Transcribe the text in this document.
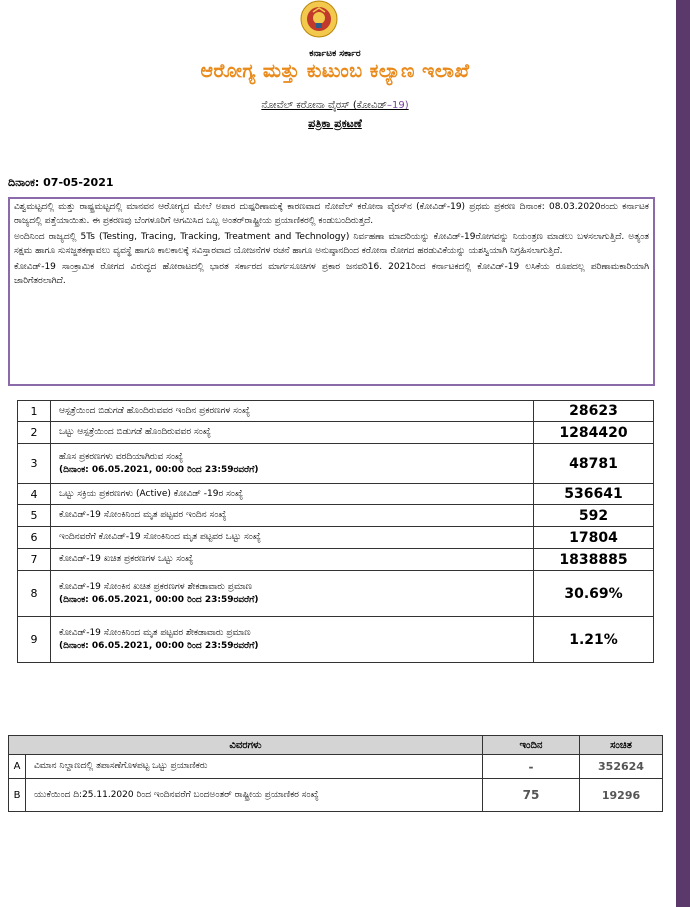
ಕರ್ನಾಟಕ ಸರ್ಕಾರ
ಆರೋಗ್ಯ ಮತ್ತು ಕುಟುಂಬ ಕಲ್ಯಾಣ ಇಲಾಖೆ
ನೋವೆಲ್ ಕರೋನಾ ವೈರಸ್ (ಕೋವಿಡ್–19)
ಪತ್ರಿಕಾ ಪ್ರಕಟಣೆ
ದಿನಾಂಕ: 07-05-2021

ವಿಶ್ವಮಟ್ಟದಲ್ಲಿ ಮತ್ತು ರಾಷ್ಟ್ರಮಟ್ಟದಲ್ಲಿ ಮಾನವನ ಆರೋಗ್ಯದ ಮೇಲೆ ಅಪಾರ ದುಷ್ಪರಿಣಾಮಕ್ಕೆ ಕಾರಣವಾದ ನೋವೆಲ್ ಕರೋನಾ ವೈರಸ್‌ನ (ಕೋವಿಡ್-19) ಪ್ರಥಮ ಪ್ರಕರಣ ದಿನಾಂಕ: 08.03.2020ರಂದು ಕರ್ನಾಟಕ ರಾಜ್ಯದಲ್ಲಿ ಪತ್ತೆಯಾಯಿತು. ಈ ಪ್ರಕರಣವು ಬೆಂಗಳೂರಿಗೆ ಆಗಮಿಸಿದ ಒಬ್ಬ ಅಂತರ್‌ರಾಷ್ಟ್ರೀಯ ಪ್ರಯಾಣಿಕರಲ್ಲಿ ಕಂಡುಬಂದಿರುತ್ತದೆ.

ಅಂದಿನಿಂದ ರಾಜ್ಯದಲ್ಲಿ 5Ts (Testing, Tracing, Tracking, Treatment and Technology) ನಿರ್ವಹಣಾ ಮಾದರಿಯನ್ನು ಕೋವಿಡ್-19ರೋಗವನ್ನು ನಿಯಂತ್ರಣ ಮಾಡಲು ಬಳಸಲಾಗುತ್ತಿದೆ. ಅತ್ಯಂತ ಸಕ್ಷಮ ಹಾಗೂ ಸುಸಜ್ಜತಕಣ್ಗಾವಲು ವ್ಯವಸ್ಥೆ ಹಾಗೂ ಕಾಲಕಾಲಕ್ಕೆ ಸವಿಸ್ತಾರವಾದ ಯೋಜನೆಗಳ ರಚನೆ ಹಾಗೂ ಅನುಷ್ಠಾನದಿಂದ ಕರೋನಾ ರೋಗದ ಹರಡುವಿಕೆಯನ್ನು ಯಶಸ್ವಿಯಾಗಿ ನಿಗ್ರಹಿಸಲಾಗುತ್ತಿದೆ.

ಕೋವಿಡ್-19 ಸಾಂಕ್ರಾಮಿಕ ರೋಗದ ವಿರುದ್ಧದ ಹೋರಾಟದಲ್ಲಿ ಭಾರತ ಸರ್ಕಾರದ ಮಾರ್ಗಸೂಚಿಗಳ ಪ್ರಕಾರ ಜನವರಿ16. 2021ರಿಂದ ಕರ್ನಾಟಕದಲ್ಲಿ ಕೋವಿಡ್-19 ಲಸಿಕೆಯ ರೂಪದಲ್ಲ ಪರಿಣಾಮಕಾರಿಯಾಗಿ ಜಾರಿಗೆತರಲಾಗಿದೆ.

1	ಆಸ್ಪತ್ರೆಯಿಂದ ಬಿಡುಗಡೆ ಹೊಂದಿರುವವರ ಇಂದಿನ ಪ್ರಕರಣಗಳ ಸಂಖ್ಯೆ	28623
2	ಒಟ್ಟು ಆಸ್ಪತ್ರೆಯಿಂದ ಬಿಡುಗಡೆ ಹೊಂದಿರುವವರ ಸಂಖ್ಯೆ	1284420
3	ಹೊಸ ಪ್ರಕರಣಗಳು ವರದಿಯಾಗಿರುವ ಸಂಖ್ಯೆ
(ದಿನಾಂಕ: 06.05.2021, 00:00 ರಿಂದ 23:59ರವರೆಗೆ)	48781
4	ಒಟ್ಟು ಸಕ್ರಿಯ ಪ್ರಕರಣಗಳು (Active) ಕೋವಿಡ್ -19ರ ಸಂಖ್ಯೆ	536641
5	ಕೋವಿಡ್-19 ಸೋಂಕಿನಿಂದ ಮೃತ ಪಟ್ಟವರ ಇಂದಿನ ಸಂಖ್ಯೆ	592
6	ಇಂದಿನವರೆಗೆ ಕೋವಿಡ್-19 ಸೋಂಕಿನಿಂದ ಮೃತ ಪಟ್ಟವರ ಒಟ್ಟು ಸಂಖ್ಯೆ	17804
7	ಕೋವಿಡ್-19 ಖಚಿತ ಪ್ರಕರಣಗಳ ಒಟ್ಟು ಸಂಖ್ಯೆ	1838885
8	ಕೋವಿಡ್-19 ಸೋಂಕಿನ ಖಚಿತ ಪ್ರಕರಣಗಳ ಶೇಕಡಾವಾರು ಪ್ರಮಾಣ
(ದಿನಾಂಕ: 06.05.2021, 00:00 ರಿಂದ 23:59ರವರೆಗೆ)	30.69%
9	ಕೋವಿಡ್-19 ಸೋಂಕಿನಿಂದ ಮೃತ ಪಟ್ಟವರ ಶೇಕಡಾವಾರು ಪ್ರಮಾಣ
(ದಿನಾಂಕ: 06.05.2021, 00:00 ರಿಂದ 23:59ರವರೆಗೆ)	1.21%
ವಿವರಗಳು		ಇಂದಿನ	ಸಂಚಿತ
A	ವಿಮಾನ ನಿಲ್ದಾಣದಲ್ಲಿ ತಪಾಸಣೆಗೊಳಪಟ್ಟ ಒಟ್ಟು ಪ್ರಯಾಣಿಕರು	-	352624
B	ಯುಕೆಯಿಂದ ದಿ:25.11.2020 ರಿಂದ ಇಂದಿನವರೆಗೆ ಬಂದಅಂತರ್ ರಾಷ್ಟ್ರೀಯ ಪ್ರಯಾಣಿಕರ ಸಂಖ್ಯೆ	75	19296
